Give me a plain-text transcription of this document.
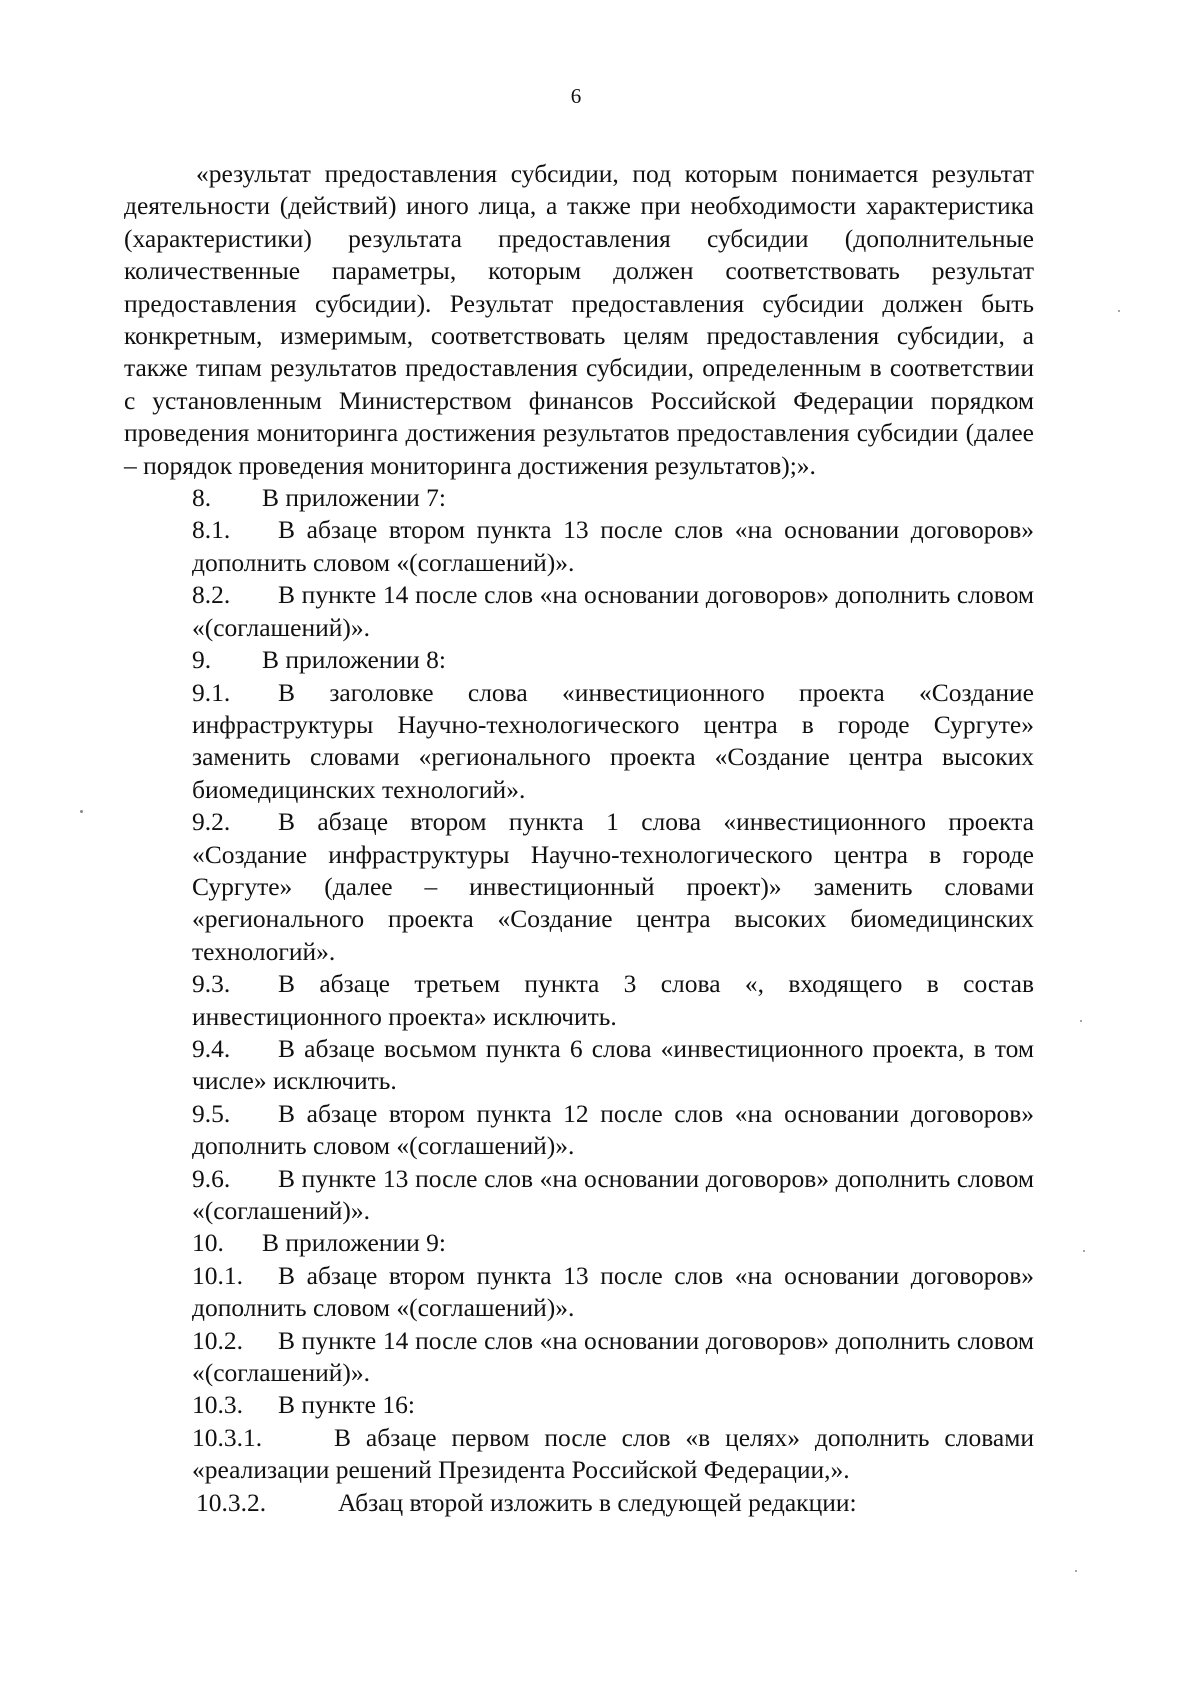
6

«результат предоставления субсидии, под которым понимается результат деятельности (действий) иного лица, а также при необходимости характеристика (характеристики) результата предоставления субсидии (дополнительные количественные параметры, которым должен соответствовать результат предоставления субсидии). Результат предоставления субсидии должен быть конкретным, измеримым, соответствовать целям предоставления субсидии, а также типам результатов предоставления субсидии, определенным в соответствии с установленным Министерством финансов Российской Федерации порядком проведения мониторинга достижения результатов предоставления субсидии (далее – порядок проведения мониторинга достижения результатов);».

8.	В приложении 7:

8.1. В абзаце втором пункта 13 после слов «на основании договоров» дополнить словом «(соглашений)».

8.2. В пункте 14 после слов «на основании договоров» дополнить словом «(соглашений)».

9.	В приложении 8:

9.1. В заголовке слова «инвестиционного проекта «Создание инфраструктуры Научно-технологического центра в городе Сургуте» заменить словами «регионального проекта «Создание центра высоких биомедицинских технологий».

9.2. В абзаце втором пункта 1 слова «инвестиционного проекта «Создание инфраструктуры Научно-технологического центра в городе Сургуте» (далее – инвестиционный проект)» заменить словами «регионального проекта «Создание центра высоких биомедицинских технологий».

9.3. В абзаце третьем пункта 3 слова «, входящего в состав инвестиционного проекта» исключить.

9.4. В абзаце восьмом пункта 6 слова «инвестиционного проекта, в том числе» исключить.

9.5. В абзаце втором пункта 12 после слов «на основании договоров» дополнить словом «(соглашений)».

9.6. В пункте 13 после слов «на основании договоров» дополнить словом «(соглашений)».

10.	В приложении 9:

10.1. В абзаце втором пункта 13 после слов «на основании договоров» дополнить словом «(соглашений)».

10.2. В пункте 14 после слов «на основании договоров» дополнить словом «(соглашений)».

10.3.	В пункте 16:

10.3.1.	В абзаце первом после слов «в целях» дополнить словами «реализации решений Президента Российской Федерации,».

10.3.2.	Абзац второй изложить в следующей редакции:
